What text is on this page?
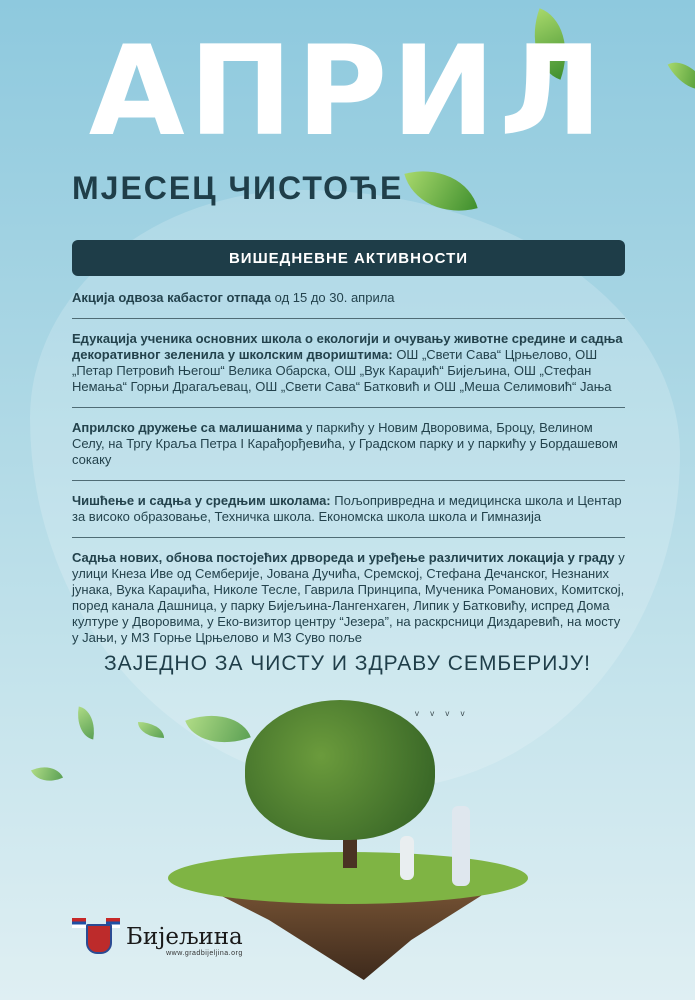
АПРИЛ
МЈЕСЕЦ ЧИСТОЋЕ
ВИШЕДНЕВНЕ АКТИВНОСТИ
Акција одвоза кабастог отпада од 15 до 30. априла
Едукација ученика основних школа о екологији и очувању животне средине и садња декоративног зеленила у школским двориштима: ОШ „Свети Сава“ Црњелово, ОШ „Петар Петровић Његош“ Велика Обарска, ОШ „Вук Караџић“ Бијељина, ОШ „Стефан Немања“ Горњи Драгаљевац, ОШ „Свети Сава“ Батковић и ОШ „Меша Селимовић“ Јања
Априлско дружење са малишанима у паркићу у Новим Дворовима, Броцу, Велином Селу, на Тргу Краља Петра I Карађорђевића, у Градском парку и у паркићу у Бордашевом сокаку
Чишћење и садња у средњим школама: Пољопривредна и медицинска школа и Центар за високо образовање, Техничка школа. Економска школа школа и Гимназија
Садња нових, обнова постојећих дрвореда и уређење различитих локација у граду у улици Кнеза Иве од Семберије, Јована Дучића, Сремској, Стефана Дечанског, Незнаних јунака, Вука Караџића, Николе Тесле, Гаврила Принципа, Мученика Романових, Комитској, поред канала Дашница, у парку Бијељина-Лангенхаген, Липик у Батковићу, испред Дома културе у Дворовима, у Еко-визитор центру “Језера”, на раскрсници Диздаревић, на мосту у Јањи, у МЗ Горње Црњелово и МЗ Суво поље
ЗАЈЕДНО ЗА ЧИСТУ И ЗДРАВУ СЕМБЕРИЈУ!
ᵛ ᵛ ᵛ ᵛ
Бијељина
www.gradbijeljina.org
